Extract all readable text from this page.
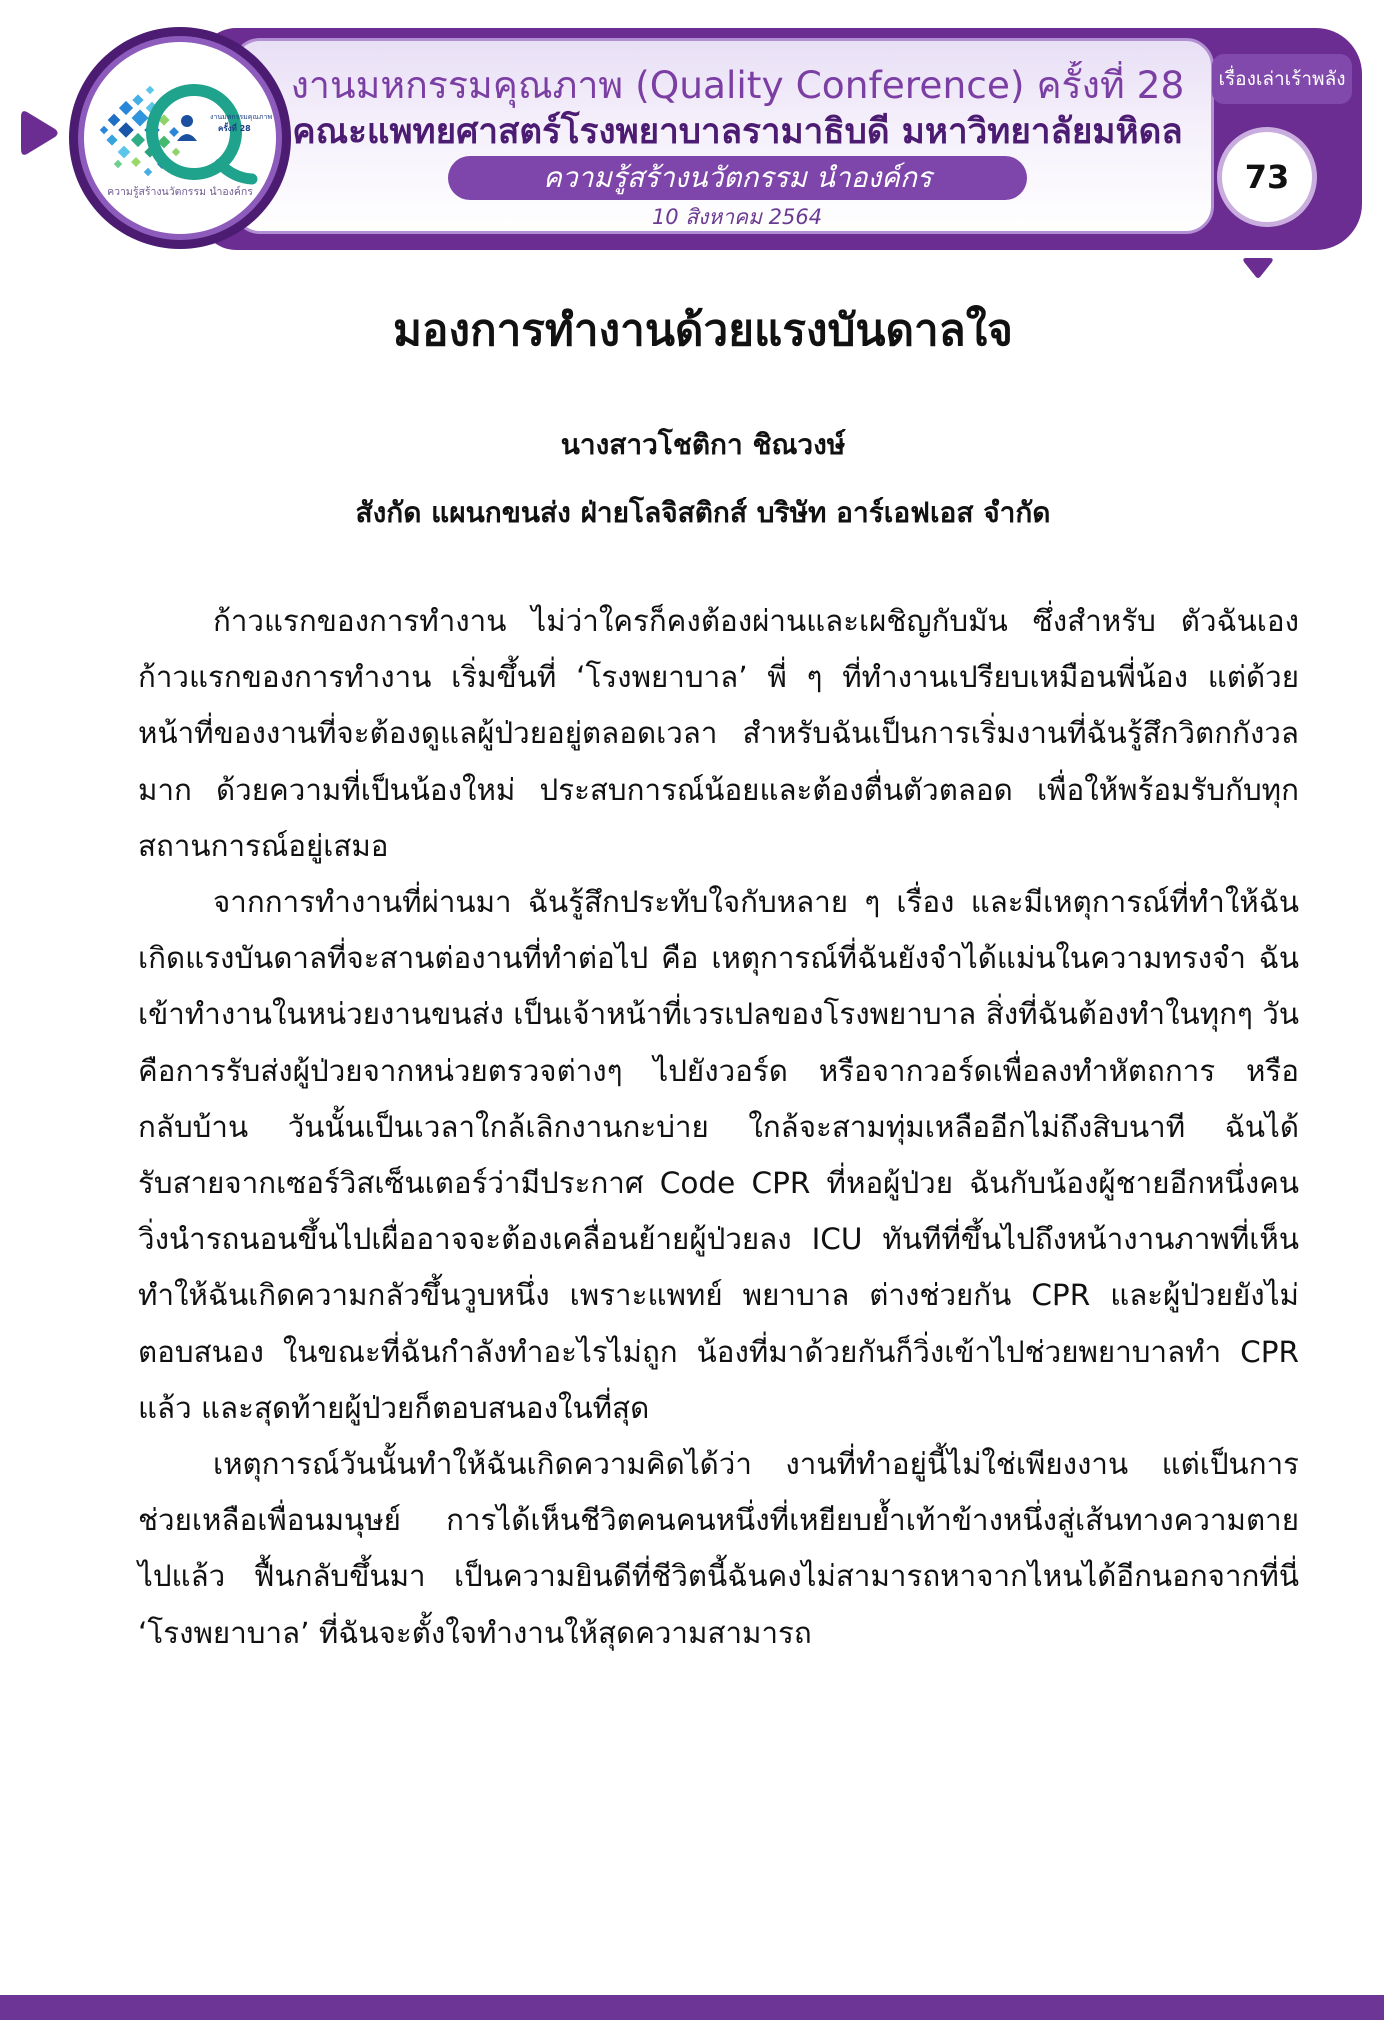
งานมหกรรมคุณภาพ (Quality Conference) ครั้งที่ 28
คณะแพทยศาสตร์โรงพยาบาลรามาธิบดี มหาวิทยาลัยมหิดล
ความรู้สร้างนวัตกรรม นำองค์กร
10 สิงหาคม 2564
เรื่องเล่าเร้าพลัง
73
งานมหกรรมคุณภาพ
ครั้งที่ 28
ความรู้สร้างนวัตกรรม นำองค์กร
มองการทำงานด้วยแรงบันดาลใจ
นางสาวโชติกา ชิณวงษ์
สังกัด แผนกขนส่ง ฝ่ายโลจิสติกส์ บริษัท อาร์เอฟเอส จำกัด
ก้าวแรกของการทำงาน ไม่ว่าใครก็คงต้องผ่านและเผชิญกับมัน ซึ่งสำหรับ ตัวฉันเอง
ก้าวแรกของการทำงาน เริ่มขึ้นที่ ‘โรงพยาบาล’ พี่ ๆ ที่ทำงานเปรียบเหมือนพี่น้อง แต่ด้วย
หน้าที่ของงานที่จะต้องดูแลผู้ป่วยอยู่ตลอดเวลา สำหรับฉันเป็นการเริ่มงานที่ฉันรู้สึกวิตกกังวล
มาก ด้วยความที่เป็นน้องใหม่ ประสบการณ์น้อยและต้องตื่นตัวตลอด เพื่อให้พร้อมรับกับทุก
สถานการณ์อยู่เสมอ
จากการทำงานที่ผ่านมา ฉันรู้สึกประทับใจกับหลาย ๆ เรื่อง และมีเหตุการณ์ที่ทำให้ฉัน
เกิดแรงบันดาลที่จะสานต่องานที่ทำต่อไป คือ เหตุการณ์ที่ฉันยังจำได้แม่นในความทรงจำ ฉัน
เข้าทำงานในหน่วยงานขนส่ง เป็นเจ้าหน้าที่เวรเปลของโรงพยาบาล สิ่งที่ฉันต้องทำในทุกๆ วัน
คือการรับส่งผู้ป่วยจากหน่วยตรวจต่างๆ ไปยังวอร์ด หรือจากวอร์ดเพื่อลงทำหัตถการ หรือ
กลับบ้าน วันนั้นเป็นเวลาใกล้เลิกงานกะบ่าย ใกล้จะสามทุ่มเหลืออีกไม่ถึงสิบนาที ฉันได้
รับสายจากเซอร์วิสเซ็นเตอร์ว่ามีประกาศ Code CPR ที่หอผู้ป่วย ฉันกับน้องผู้ชายอีกหนึ่งคน
วิ่งนำรถนอนขึ้นไปเผื่ออาจจะต้องเคลื่อนย้ายผู้ป่วยลง ICU ทันทีที่ขึ้นไปถึงหน้างานภาพที่เห็น
ทำให้ฉันเกิดความกลัวขึ้นวูบหนึ่ง เพราะแพทย์ พยาบาล ต่างช่วยกัน CPR และผู้ป่วยยังไม่
ตอบสนอง ในขณะที่ฉันกำลังทำอะไรไม่ถูก น้องที่มาด้วยกันก็วิ่งเข้าไปช่วยพยาบาลทำ CPR
แล้ว และสุดท้ายผู้ป่วยก็ตอบสนองในที่สุด
เหตุการณ์วันนั้นทำให้ฉันเกิดความคิดได้ว่า งานที่ทำอยู่นี้ไม่ใช่เพียงงาน แต่เป็นการ
ช่วยเหลือเพื่อนมนุษย์ การได้เห็นชีวิตคนคนหนึ่งที่เหยียบย้ำเท้าข้างหนึ่งสู่เส้นทางความตาย
ไปแล้ว ฟื้นกลับขึ้นมา เป็นความยินดีที่ชีวิตนี้ฉันคงไม่สามารถหาจากไหนได้อีกนอกจากที่นี่
‘โรงพยาบาล’ ที่ฉันจะตั้งใจทำงานให้สุดความสามารถ
